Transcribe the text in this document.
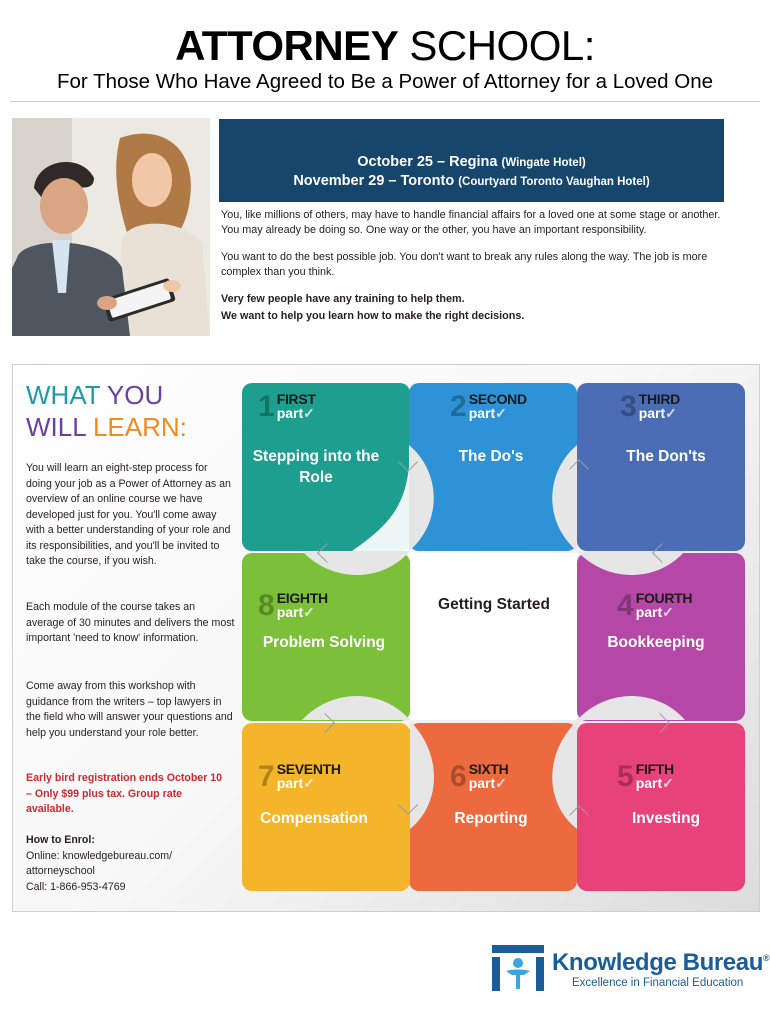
ATTORNEY SCHOOL:
For Those Who Have Agreed to Be a Power of Attorney for a Loved One
October 25 – Regina (Wingate Hotel)
November 29 – Toronto (Courtyard Toronto Vaughan Hotel)

You, like millions of others, may have to handle financial affairs for a loved one at some stage or another. You may already be doing so. One way or the other, you have an important responsibility.

You want to do the best possible job. You don't want to break any rules along the way. The job is more complex than you think.

Very few people have any training to help them.

We want to help you learn how to make the right decisions.

WHAT YOU
WILL LEARN:
You will learn an eight-step process for doing your job as a Power of Attorney as an overview of an online course we have developed just for you. You'll come away with a better understanding of your role and its responsibilities, and you'll be invited to take the course, if you wish.
Each module of the course takes an average of 30 minutes and delivers the most important 'need to know' information.
Come away from this workshop with guidance from the writers – top lawyers in the field who will answer your questions and help you understand your role better.
Early bird registration ends October 10 – Only $99 plus tax. Group rate available.
How to Enrol:
Online: knowledgebureau.com/ attorneyschool
Call: 1-866-953-4769
1 FIRST
part✓
Stepping into the Role
2 SECOND
part✓
The Do's
3 THIRD
part✓
The Don'ts
4 FOURTH
part✓
Bookkeeping
5 FIFTH
part✓
Investing
6 SIXTH
part✓
Reporting
7 SEVENTH
part✓
Compensation
8 EIGHTH
part✓
Problem Solving
Getting Started
Knowledge Bureau®
Excellence in Financial Education
